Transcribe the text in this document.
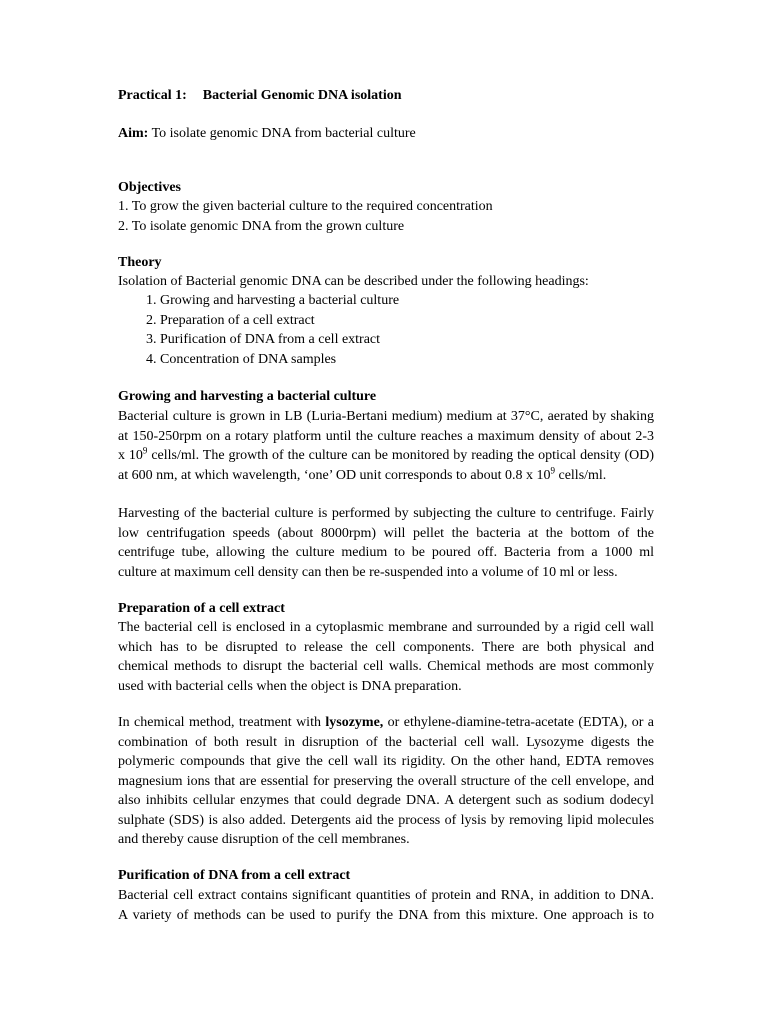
Practical 1: Bacterial Genomic DNA isolation
Aim: To isolate genomic DNA from bacterial culture
Objectives
1. To grow the given bacterial culture to the required concentration
2. To isolate genomic DNA from the grown culture
Theory
Isolation of Bacterial genomic DNA can be described under the following headings:
1. Growing and harvesting a bacterial culture
2. Preparation of a cell extract
3. Purification of DNA from a cell extract
4. Concentration of DNA samples
Growing and harvesting a bacterial culture
Bacterial culture is grown in LB (Luria-Bertani medium) medium at 37°C, aerated by shaking
at 150-250rpm on a rotary platform until the culture reaches a maximum density of about 2-3
x $10^9$ cells/ml. The growth of the culture can be monitored by reading the optical density (OD)
at 600 nm, at which wavelength, ‘one’ OD unit corresponds to about 0.8 x $10^9$ cells/ml.
Harvesting of the bacterial culture is performed by subjecting the culture to centrifuge. Fairly
low centrifugation speeds (about 8000rpm) will pellet the bacteria at the bottom of the
centrifuge tube, allowing the culture medium to be poured off. Bacteria from a 1000 ml
culture at maximum cell density can then be re-suspended into a volume of 10 ml or less.
Preparation of a cell extract
The bacterial cell is enclosed in a cytoplasmic membrane and surrounded by a rigid cell wall
which has to be disrupted to release the cell components. There are both physical and
chemical methods to disrupt the bacterial cell walls. Chemical methods are most commonly
used with bacterial cells when the object is DNA preparation.
In chemical method, treatment with lysozyme, or ethylene-diamine-tetra-acetate (EDTA), or a
combination of both result in disruption of the bacterial cell wall. Lysozyme digests the
polymeric compounds that give the cell wall its rigidity. On the other hand, EDTA removes
magnesium ions that are essential for preserving the overall structure of the cell envelope, and
also inhibits cellular enzymes that could degrade DNA. A detergent such as sodium dodecyl
sulphate (SDS) is also added. Detergents aid the process of lysis by removing lipid molecules
and thereby cause disruption of the cell membranes.
Purification of DNA from a cell extract
Bacterial cell extract contains significant quantities of protein and RNA, in addition to DNA.
A variety of methods can be used to purify the DNA from this mixture. One approach is to
